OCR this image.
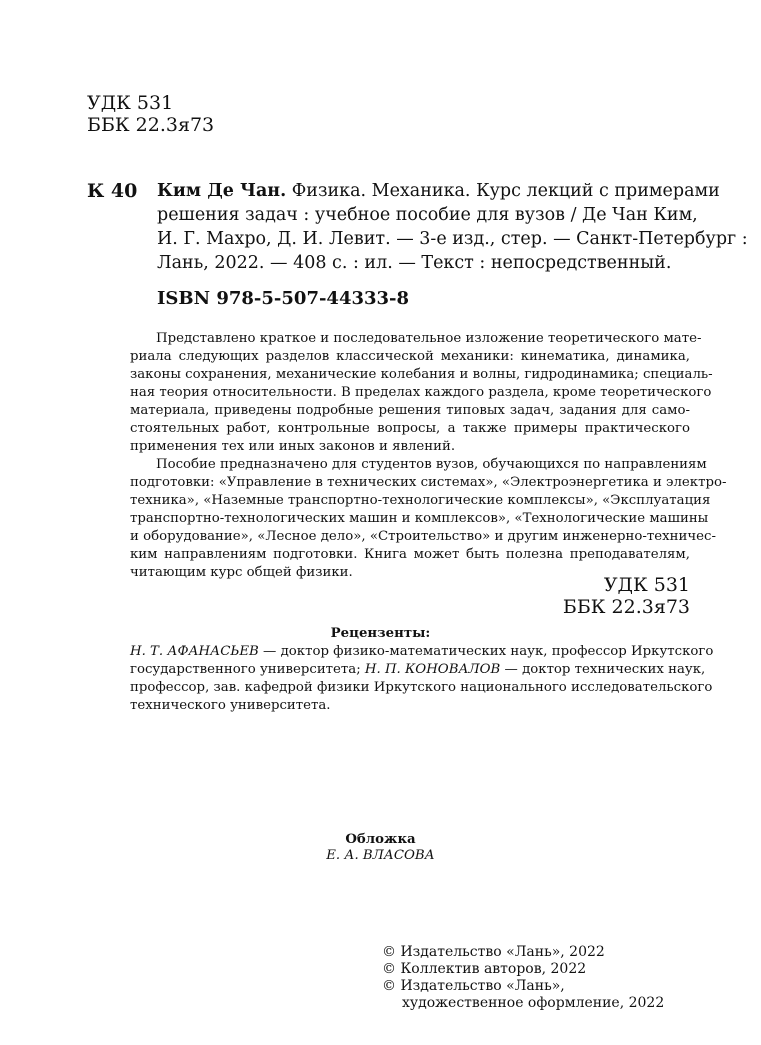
УДК 531
ББК 22.3я73
К 40 Ким Де Чан. Физика. Механика. Курс лекций с примерами
решения задач : учебное пособие для вузов / Де Чан Ким,
И. Г. Махро, Д. И. Левит. — 3-е изд., стер. — Санкт-Петербург :
Лань, 2022. — 408 с. : ил. — Текст : непосредственный.
ISBN 978-5-507-44333-8
Представлено краткое и последовательное изложение теоретического мате-
риала следующих разделов классической механики: кинематика, динамика,
законы сохранения, механические колебания и волны, гидродинамика; специаль-
ная теория относительности. В пределах каждого раздела, кроме теоретического
материала, приведены подробные решения типовых задач, задания для само-
стоятельных работ, контрольные вопросы, а также примеры практического
применения тех или иных законов и явлений.
Пособие предназначено для студентов вузов, обучающихся по направлениям
подготовки: «Управление в технических системах», «Электроэнергетика и электро-
техника», «Наземные транспортно-технологические комплексы», «Эксплуатация
транспортно-технологических машин и комплексов», «Технологические машины
и оборудование», «Лесное дело», «Строительство» и другим инженерно-техничес-
ким направлениям подготовки. Книга может быть полезна преподавателям,
читающим курс общей физики.
УДК 531
ББК 22.3я73
Рецензенты:
Н. Т. АФАНАСЬЕВ — доктор физико-математических наук, профессор Иркутского
государственного университета; Н. П. КОНОВАЛОВ — доктор технических наук,
профессор, зав. кафедрой физики Иркутского национального исследовательского
технического университета.
Обложка
Е. А. ВЛАСОВА
© Издательство «Лань», 2022
© Коллектив авторов, 2022
© Издательство «Лань»,
художественное оформление, 2022
